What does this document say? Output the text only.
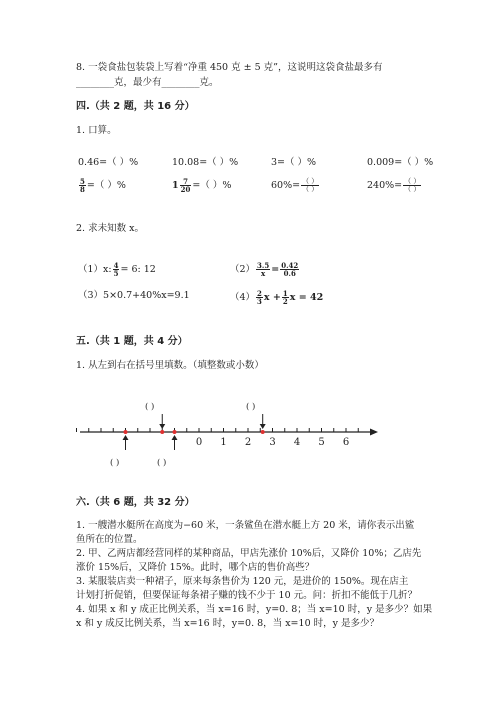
8. 一袋食盐包装袋上写着“净重 450 克 ± 5 克”，这说明这袋食盐最多有
________克，最少有________克。
四.（共 2 题，共 16 分）
1. 口算。
0.46=（ ）%	10.08=（ ）%	3=（ ）%	0.009=（ ）%
$\frac{5}{8}$ =（ ）%	$1 \frac{7}{20}$ =（ ）%	$60\%= \frac{( )}{( )}$	$240\%= \frac{( )}{( )}$
2. 求未知数 x。
（1）x: $\frac{4}{5} = 6$: 12	$(2) \frac{3.5}{x} = \frac{0.42}{0.6}$
（3）5×0.7+40%x=9.1	$(4) \frac{2}{3}$ $x + \frac{1}{2}$ x = 42
五.（共 1 题，共 4 分）
1. 从左到右在括号里填数。（填整数或小数）
0 1 2 3 4 5 6
( )	( )
( )	( )
六.（共 6 题，共 32 分）
1. 一艘潜水艇所在高度为−60 米，一条鲨鱼在潜水艇上方 20 米，请你表示出鲨
鱼所在的位置。
2. 甲、乙两店都经营同样的某种商品，甲店先涨价 10%后，又降价 10%；乙店先
涨价 15%后，又降价 15%。此时，哪个店的售价高些？
3. 某服装店卖一种裙子，原来每条售价为 120 元，是进价的 150%。现在店主
计划打折促销，但要保证每条裙子赚的钱不少于 10 元。问：折扣不能低于几折？
4. 如果 x 和 y 成正比例关系，当 x=16 时，y=0. 8；当 x=10 时，y 是多少？如果
x 和 y 成反比例关系，当 x=16 时，y=0. 8，当 x=10 时，y 是多少？
